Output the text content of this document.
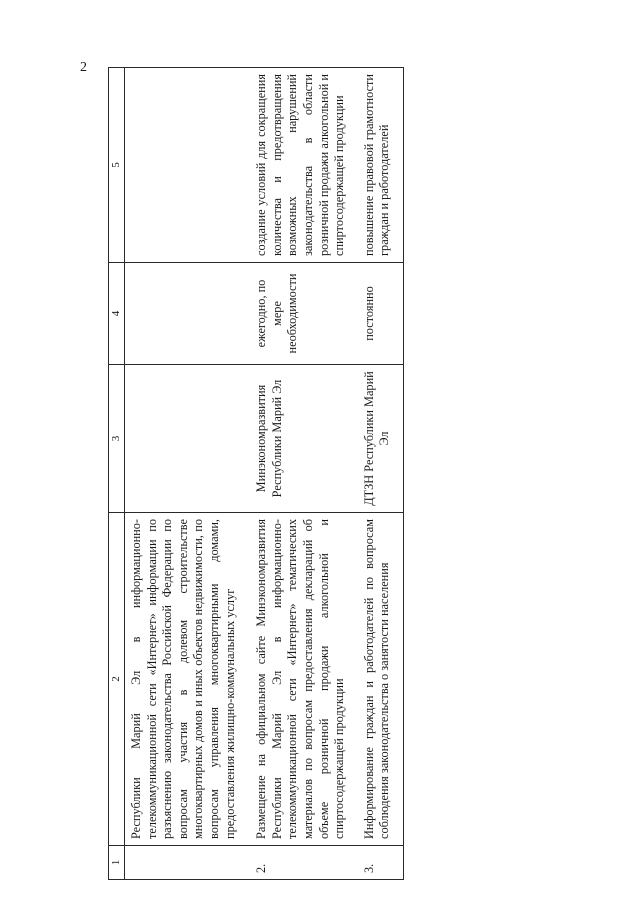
2
1	2	3	4	5
	Республики Марий Эл в информационно-телекоммуникационной сети «Интернет» информации по разъяснению законодательства Российской Федерации по вопросам участия в долевом строительстве многоквартирных домов и иных объектов недвижимости, по вопросам управления многоквартирными домами, предоставления жилищно-коммунальных услуг			
2.	Размещение на официальном сайте Минэкономразвития Республики Марий Эл в информационно-телекоммуникационной сети «Интернет» тематических материалов по вопросам предоставления деклараций об объеме розничной продажи алкогольной и спиртосодержащей продукции	Минэкономразвития Республики Марий Эл	ежегодно, по мере необходимости	создание условий для сокращения количества и предотвращения возможных нарушений законодательства в области розничной продажи алкогольной и спиртосодержащей продукции
3.	Информирование граждан и работодателей по вопросам соблюдения законодательства о занятости населения	ДТЗН Республики Марий Эл	постоянно	повышение правовой грамотности граждан и работодателей
